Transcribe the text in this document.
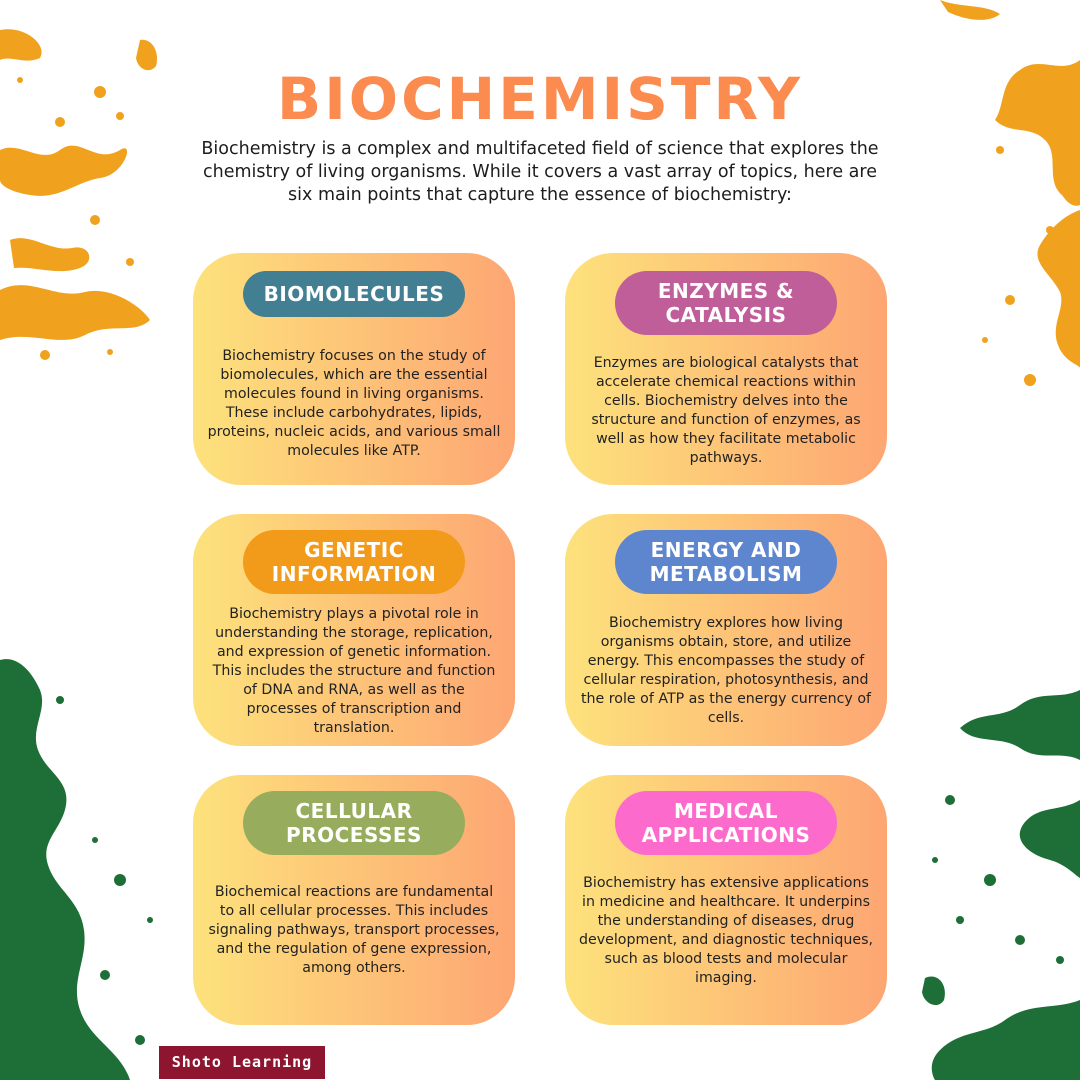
BIOCHEMISTRY
Biochemistry is a complex and multifaceted field of science that explores the chemistry of living organisms. While it covers a vast array of topics, here are six main points that capture the essence of biochemistry:
BIOMOLECULES
Biochemistry focuses on the study of biomolecules, which are the essential molecules found in living organisms. These include carbohydrates, lipids, proteins, nucleic acids, and various small molecules like ATP.
ENZYMES & CATALYSIS
Enzymes are biological catalysts that accelerate chemical reactions within cells. Biochemistry delves into the structure and function of enzymes, as well as how they facilitate metabolic pathways.
GENETIC INFORMATION
Biochemistry plays a pivotal role in understanding the storage, replication, and expression of genetic information. This includes the structure and function of DNA and RNA, as well as the processes of transcription and translation.
ENERGY AND METABOLISM
Biochemistry explores how living organisms obtain, store, and utilize energy. This encompasses the study of cellular respiration, photosynthesis, and the role of ATP as the energy currency of cells.
CELLULAR PROCESSES
Biochemical reactions are fundamental to all cellular processes. This includes signaling pathways, transport processes, and the regulation of gene expression, among others.
MEDICAL APPLICATIONS
Biochemistry has extensive applications in medicine and healthcare. It underpins the understanding of diseases, drug development, and diagnostic techniques, such as blood tests and molecular imaging.
Shoto Learning
